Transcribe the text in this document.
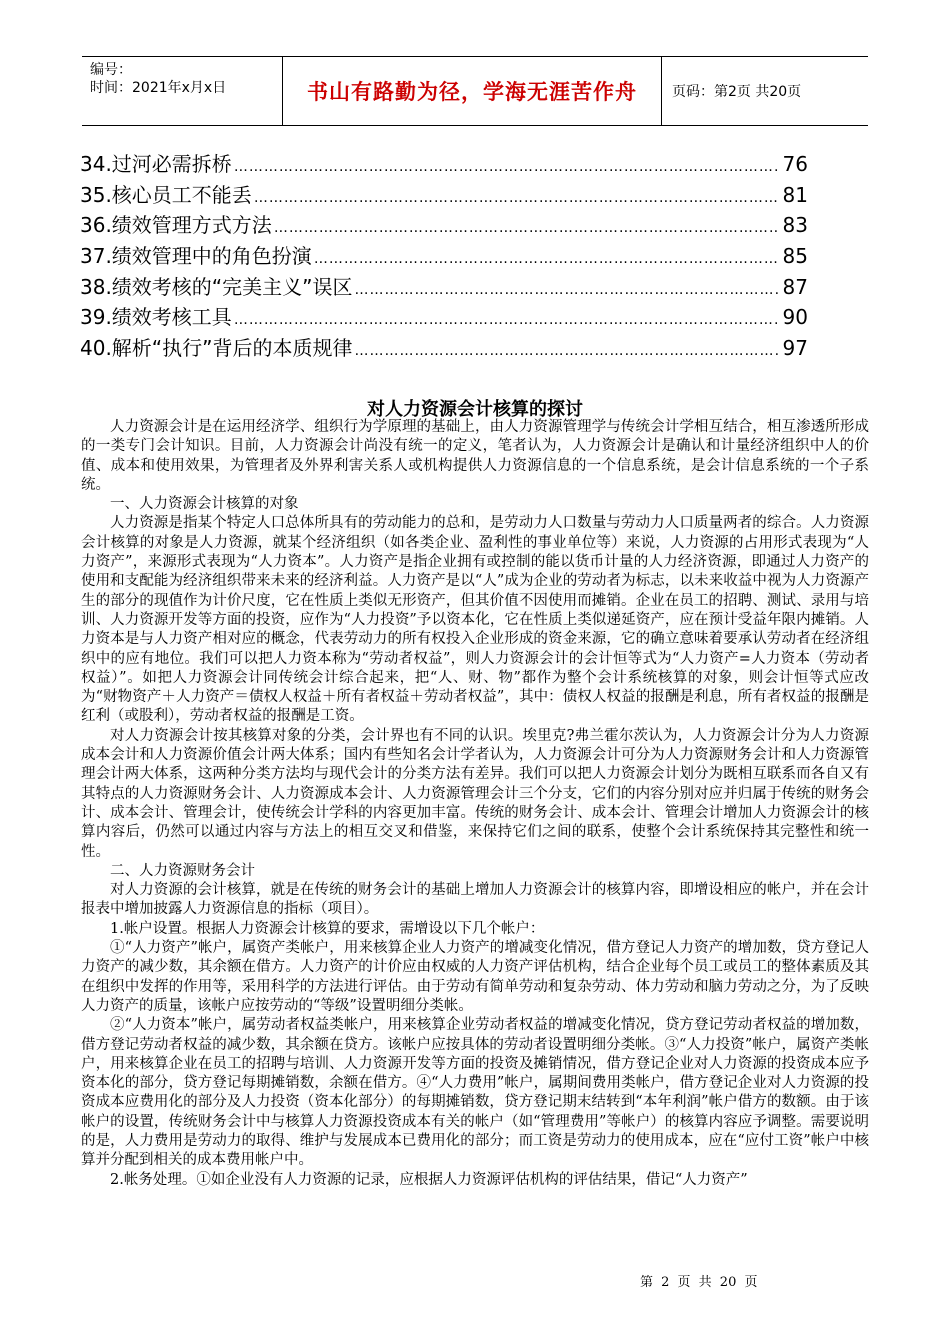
编号：
时间：2021年x月x日	书山有路勤为径，学海无涯苦作舟	页码：第2页 共20页
34.过河必需拆桥 …………………………………………………………………………………………………………………………………………	76
35.核心员工不能丢 …………………………………………………………………………………………………………………………………………	81
36.绩效管理方式方法 …………………………………………………………………………………………………………………………………………	83
37.绩效管理中的角色扮演 …………………………………………………………………………………………………………………………………………	85
38.绩效考核的“完美主义”误区 …………………………………………………………………………………………………………………………………………	87
39.绩效考核工具 …………………………………………………………………………………………………………………………………………	90
40.解析“执行”背后的本质规律 …………………………………………………………………………………………………………………………………………	97
对人力资源会计核算的探讨

人力资源会计是在运用经济学、组织行为学原理的基础上，由人力资源管理学与传统会计学相互结合，相互渗透所形成的一类专门会计知识。目前，人力资源会计尚没有统一的定义，笔者认为，人力资源会计是确认和计量经济组织中人的价值、成本和使用效果，为管理者及外界利害关系人或机构提供人力资源信息的一个信息系统，是会计信息系统的一个子系统。

一、人力资源会计核算的对象

人力资源是指某个特定人口总体所具有的劳动能力的总和，是劳动力人口数量与劳动力人口质量两者的综合。人力资源会计核算的对象是人力资源，就某个经济组织（如各类企业、盈利性的事业单位等）来说，人力资源的占用形式表现为“人力资产”，来源形式表现为“人力资本”。人力资产是指企业拥有或控制的能以货币计量的人力经济资源，即通过人力资产的使用和支配能为经济组织带来未来的经济利益。人力资产是以“人”成为企业的劳动者为标志，以未来收益中视为人力资源产生的部分的现值作为计价尺度，它在性质上类似无形资产，但其价值不因使用而摊销。企业在员工的招聘、测试、录用与培训、人力资源开发等方面的投资，应作为“人力投资”予以资本化，它在性质上类似递延资产，应在预计受益年限内摊销。人力资本是与人力资产相对应的概念，代表劳动力的所有权投入企业形成的资金来源，它的确立意味着要承认劳动者在经济组织中的应有地位。我们可以把人力资本称为“劳动者权益”，则人力资源会计的会计恒等式为“人力资产=人力资本（劳动者权益）”。如把人力资源会计同传统会计综合起来，把“人、财、物”都作为整个会计系统核算的对象，则会计恒等式应改为“财物资产＋人力资产＝债权人权益＋所有者权益＋劳动者权益”，其中：债权人权益的报酬是利息，所有者权益的报酬是红利（或股利），劳动者权益的报酬是工资。

对人力资源会计按其核算对象的分类，会计界也有不同的认识。埃里克?弗兰霍尔茨认为，人力资源会计分为人力资源成本会计和人力资源价值会计两大体系；国内有些知名会计学者认为，人力资源会计可分为人力资源财务会计和人力资源管理会计两大体系，这两种分类方法均与现代会计的分类方法有差异。我们可以把人力资源会计划分为既相互联系而各自又有其特点的人力资源财务会计、人力资源成本会计、人力资源管理会计三个分支，它们的内容分别对应并归属于传统的财务会计、成本会计、管理会计，使传统会计学科的内容更加丰富。传统的财务会计、成本会计、管理会计增加人力资源会计的核算内容后，仍然可以通过内容与方法上的相互交叉和借鉴，来保持它们之间的联系，使整个会计系统保持其完整性和统一性。

二、人力资源财务会计

对人力资源的会计核算，就是在传统的财务会计的基础上增加人力资源会计的核算内容，即增设相应的帐户，并在会计报表中增加披露人力资源信息的指标（项目）。

1.帐户设置。根据人力资源会计核算的要求，需增设以下几个帐户：

①“人力资产”帐户，属资产类帐户，用来核算企业人力资产的增减变化情况，借方登记人力资产的增加数，贷方登记人力资产的减少数，其余额在借方。人力资产的计价应由权威的人力资产评估机构，结合企业每个员工或员工的整体素质及其在组织中发挥的作用等，采用科学的方法进行评估。由于劳动有简单劳动和复杂劳动、体力劳动和脑力劳动之分，为了反映人力资产的质量，该帐户应按劳动的“等级”设置明细分类帐。

②“人力资本”帐户，属劳动者权益类帐户，用来核算企业劳动者权益的增减变化情况，贷方登记劳动者权益的增加数，借方登记劳动者权益的减少数，其余额在贷方。该帐户应按具体的劳动者设置明细分类帐。③“人力投资”帐户，属资产类帐户，用来核算企业在员工的招聘与培训、人力资源开发等方面的投资及摊销情况，借方登记企业对人力资源的投资成本应予资本化的部分，贷方登记每期摊销数，余额在借方。④“人力费用”帐户，属期间费用类帐户，借方登记企业对人力资源的投资成本应费用化的部分及人力投资（资本化部分）的每期摊销数，贷方登记期末结转到“本年利润”帐户借方的数额。由于该帐户的设置，传统财务会计中与核算人力资源投资成本有关的帐户（如“管理费用”等帐户）的核算内容应予调整。需要说明的是，人力费用是劳动力的取得、维护与发展成本已费用化的部分；而工资是劳动力的使用成本，应在“应付工资”帐户中核算并分配到相关的成本费用帐户中。

2.帐务处理。①如企业没有人力资源的记录，应根据人力资源评估机构的评估结果，借记“人力资产”

第 2 页 共 20 页
